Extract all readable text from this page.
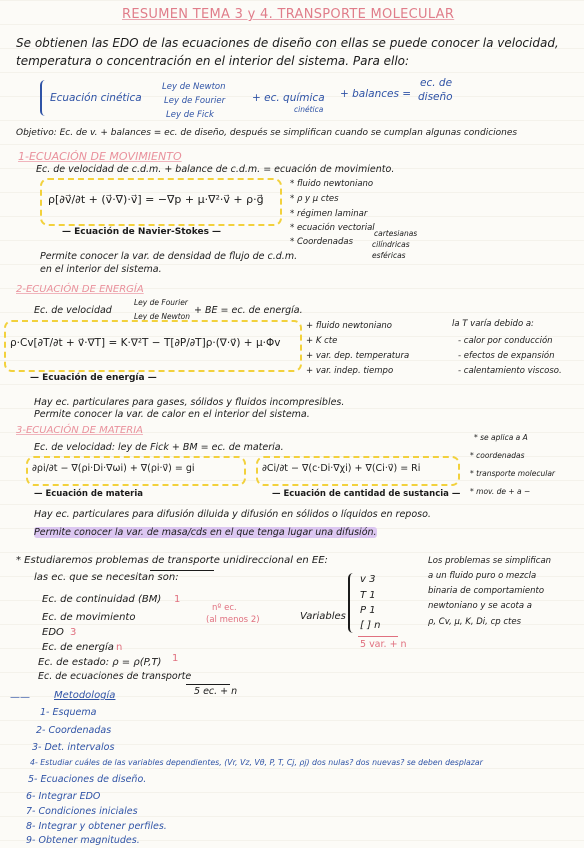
RESUMEN TEMA 3 y 4. TRANSPORTE MOLECULAR
Se obtienen las EDO de las ecuaciones de diseño con ellas se puede conocer la velocidad,
temperatura o concentración en el interior del sistema. Para ello:
Ecuación cinética
Ley de Newton
Ley de Fourier
Ley de Fick
+ ec. química
cinética
+ balances =
ec. de
diseño
Objetivo: Ec. de v. + balances = ec. de diseño, después se simplifican cuando se cumplan algunas condiciones
1-ECUACIÓN DE MOVIMIENTO
Ec. de velocidad de c.d.m. + balance de c.d.m. = ecuación de movimiento.
ρ[∂v⃗/∂t + (v⃗·∇)·v⃗] = −∇p + μ·∇²·v⃗ + ρ·g⃗
— Ecuación de Navier-Stokes —
* fluido newtoniano
* ρ y μ ctes
* régimen laminar
* ecuación vectorial
* Coordenadas
cartesianas
cilíndricas
esféricas
Permite conocer la var. de densidad de flujo de c.d.m.
en el interior del sistema.
2-ECUACIÓN DE ENERGÍA
Ec. de velocidad
Ley de Fourier
Ley de Newton
+ BE = ec. de energía.
ρ·Cv[∂T/∂t + v⃗·∇T] = K·∇²T − T[∂P/∂T]ρ·(∇·v⃗) + μ·Φv
— Ecuación de energía —
+ fluido newtoniano
+ K cte
+ var. dep. temperatura
+ var. indep. tiempo
la T varía debido a:
- calor por conducción
- efectos de expansión
- calentamiento viscoso.
Hay ec. particulares para gases, sólidos y fluidos incompresibles.
Permite conocer la var. de calor en el interior del sistema.
3-ECUACIÓN DE MATERIA
Ec. de velocidad: ley de Fick + BM = ec. de materia.
∂ρi/∂t − ∇(ρi·Di·∇ωi) + ∇(ρi·v⃗) = gi
— Ecuación de materia
∂Ci/∂t − ∇(c·Di·∇χi) + ∇(Ci·v⃗) = Ri
— Ecuación de cantidad de sustancia —
* se aplica a A
* coordenadas
* transporte molecular
* mov. de + a −
Hay ec. particulares para difusión diluida y difusión en sólidos o líquidos en reposo.
Permite conocer la var. de masa/cds en el que tenga lugar una difusión.
* Estudiaremos problemas de transporte unidireccional en EE:
las ec. que se necesitan son:
Ec. de continuidad (BM) 1
Ec. de movimiento
EDO 3
Ec. de energía n
Ec. de estado: ρ = ρ(P,T) 1
Ec. de ecuaciones de transporte
5 ec. + n
nº ec.
(al menos 2)	Variables
v 3
T 1
P 1
[ ] n
5 var. + n
Los problemas se simplifican
a un fluido puro o mezcla
binaria de comportamiento
newtoniano y se acota a
ρ, Cv, μ, K, Di, cp ctes
—— Metodología
1- Esquema
2- Coordenadas
3- Det. intervalos
4- Estudiar cuáles de las variables dependientes, (Vr, Vz, Vθ, P, T, Cj, ρj) dos nulas? dos nuevas? se deben desplazar
5- Ecuaciones de diseño.
6- Integrar EDO
7- Condiciones iniciales
8- Integrar y obtener perfiles.
9- Obtener magnitudes.
